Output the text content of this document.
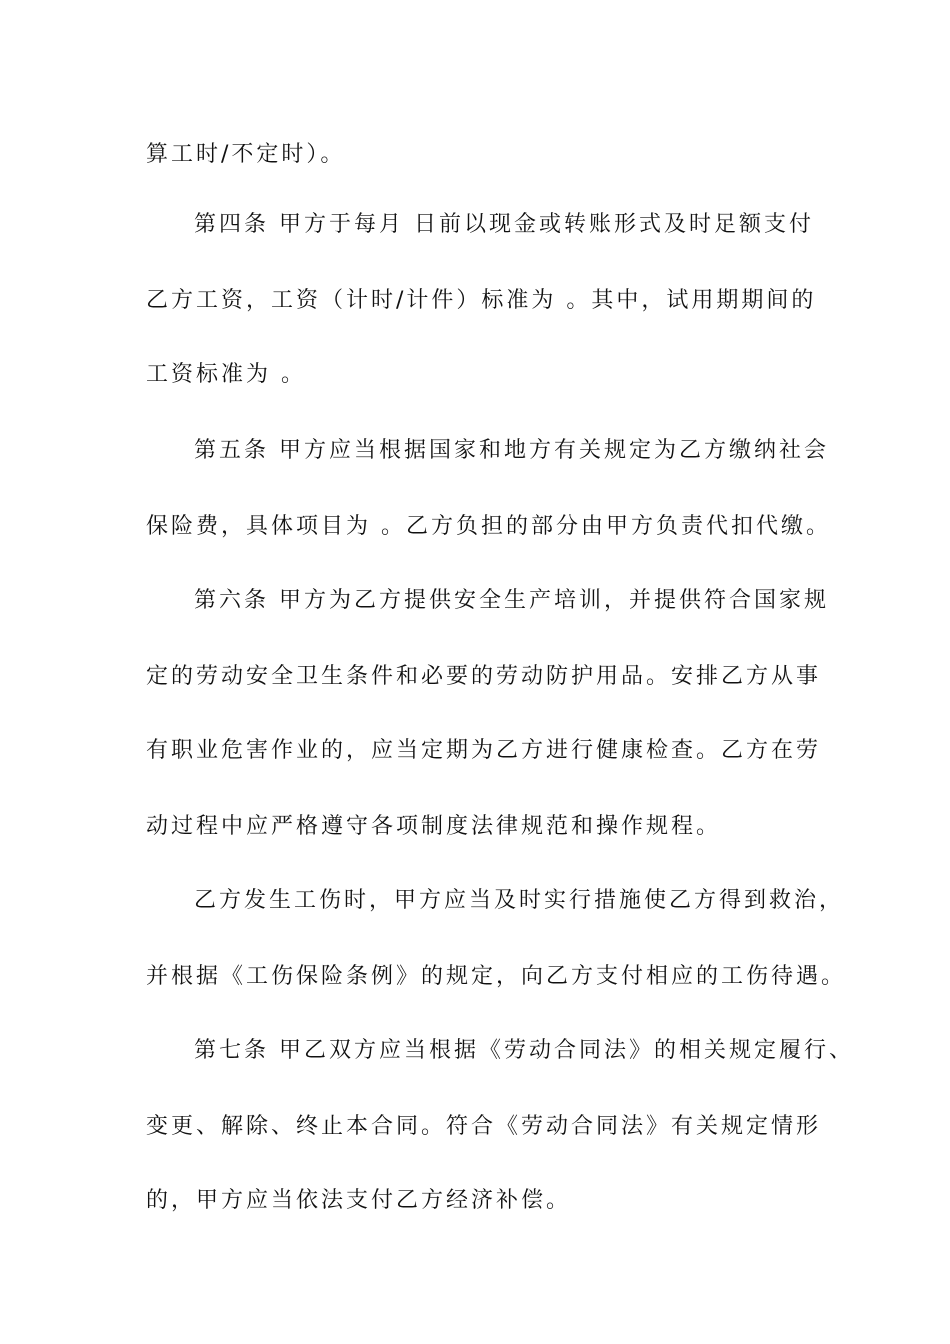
算工时/不定时）。
第四条 甲方于每月 日前以现金或转账形式及时足额支付
乙方工资，工资（计时/计件）标准为 。其中，试用期期间的
工资标准为 。
第五条 甲方应当根据国家和地方有关规定为乙方缴纳社会
保险费，具体项目为 。乙方负担的部分由甲方负责代扣代缴。
第六条 甲方为乙方提供安全生产培训，并提供符合国家规
定的劳动安全卫生条件和必要的劳动防护用品。安排乙方从事
有职业危害作业的，应当定期为乙方进行健康检查。乙方在劳
动过程中应严格遵守各项制度法律规范和操作规程。
乙方发生工伤时，甲方应当及时实行措施使乙方得到救治，
并根据《工伤保险条例》的规定，向乙方支付相应的工伤待遇。
第七条 甲乙双方应当根据《劳动合同法》的相关规定履行、
变更、解除、终止本合同。符合《劳动合同法》有关规定情形
的，甲方应当依法支付乙方经济补偿。
